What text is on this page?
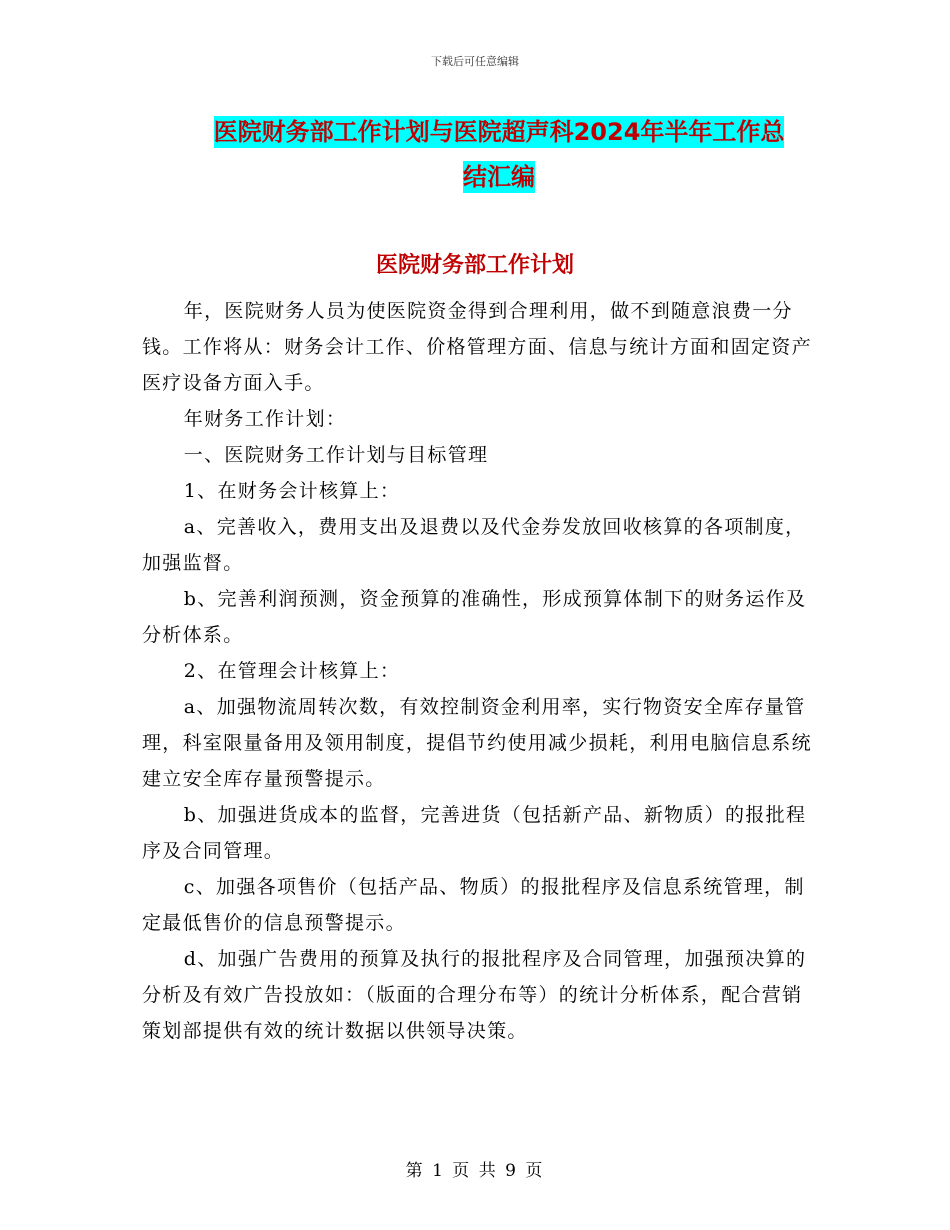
下载后可任意编辑
医院财务部工作计划与医院超声科2024年半年工作总
结汇编
医院财务部工作计划

年，医院财务人员为使医院资金得到合理利用，做不到随意浪费一分钱。工作将从：财务会计工作、价格管理方面、信息与统计方面和固定资产医疗设备方面入手。

年财务工作计划：

一、医院财务工作计划与目标管理

1、在财务会计核算上：

a、完善收入，费用支出及退费以及代金券发放回收核算的各项制度，加强监督。

b、完善利润预测，资金预算的准确性，形成预算体制下的财务运作及分析体系。

2、在管理会计核算上：

a、加强物流周转次数，有效控制资金利用率，实行物资安全库存量管理，科室限量备用及领用制度，提倡节约使用减少损耗，利用电脑信息系统建立安全库存量预警提示。

b、加强进货成本的监督，完善进货（包括新产品、新物质）的报批程序及合同管理。

c、加强各项售价（包括产品、物质）的报批程序及信息系统管理，制定最低售价的信息预警提示。

d、加强广告费用的预算及执行的报批程序及合同管理，加强预决算的分析及有效广告投放如：（版面的合理分布等）的统计分析体系，配合营销策划部提供有效的统计数据以供领导决策。

第 1 页 共 9 页
